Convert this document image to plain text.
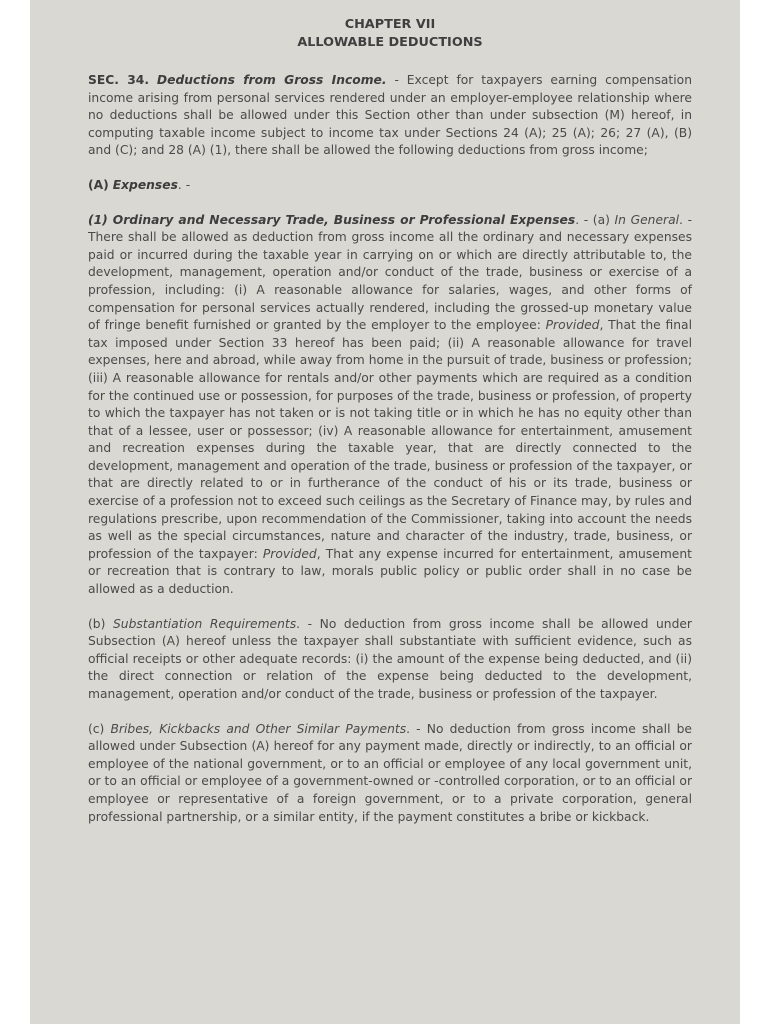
CHAPTER VII
ALLOWABLE DEDUCTIONS

SEC. 34. Deductions from Gross Income. - Except for taxpayers earning compensation income arising from personal services rendered under an employer-employee relationship where no deductions shall be allowed under this Section other than under subsection (M) hereof, in computing taxable income subject to income tax under Sections 24 (A); 25 (A); 26; 27 (A), (B) and (C); and 28 (A) (1), there shall be allowed the following deductions from gross income;

(A) Expenses. -

(1) Ordinary and Necessary Trade, Business or Professional Expenses. - (a) In General. - There shall be allowed as deduction from gross income all the ordinary and necessary expenses paid or incurred during the taxable year in carrying on or which are directly attributable to, the development, management, operation and/or conduct of the trade, business or exercise of a profession, including: (i) A reasonable allowance for salaries, wages, and other forms of compensation for personal services actually rendered, including the grossed-up monetary value of fringe benefit furnished or granted by the employer to the employee: Provided, That the final tax imposed under Section 33 hereof has been paid; (ii) A reasonable allowance for travel expenses, here and abroad, while away from home in the pursuit of trade, business or profession; (iii) A reasonable allowance for rentals and/or other payments which are required as a condition for the continued use or possession, for purposes of the trade, business or profession, of property to which the taxpayer has not taken or is not taking title or in which he has no equity other than that of a lessee, user or possessor; (iv) A reasonable allowance for entertainment, amusement and recreation expenses during the taxable year, that are directly connected to the development, management and operation of the trade, business or profession of the taxpayer, or that are directly related to or in furtherance of the conduct of his or its trade, business or exercise of a profession not to exceed such ceilings as the Secretary of Finance may, by rules and regulations prescribe, upon recommendation of the Commissioner, taking into account the needs as well as the special circumstances, nature and character of the industry, trade, business, or profession of the taxpayer: Provided, That any expense incurred for entertainment, amusement or recreation that is contrary to law, morals public policy or public order shall in no case be allowed as a deduction.

(b) Substantiation Requirements. - No deduction from gross income shall be allowed under Subsection (A) hereof unless the taxpayer shall substantiate with sufficient evidence, such as official receipts or other adequate records: (i) the amount of the expense being deducted, and (ii) the direct connection or relation of the expense being deducted to the development, management, operation and/or conduct of the trade, business or profession of the taxpayer.

(c) Bribes, Kickbacks and Other Similar Payments. - No deduction from gross income shall be allowed under Subsection (A) hereof for any payment made, directly or indirectly, to an official or employee of the national government, or to an official or employee of any local government unit, or to an official or employee of a government-owned or -controlled corporation, or to an official or employee or representative of a foreign government, or to a private corporation, general professional partnership, or a similar entity, if the payment constitutes a bribe or kickback.
